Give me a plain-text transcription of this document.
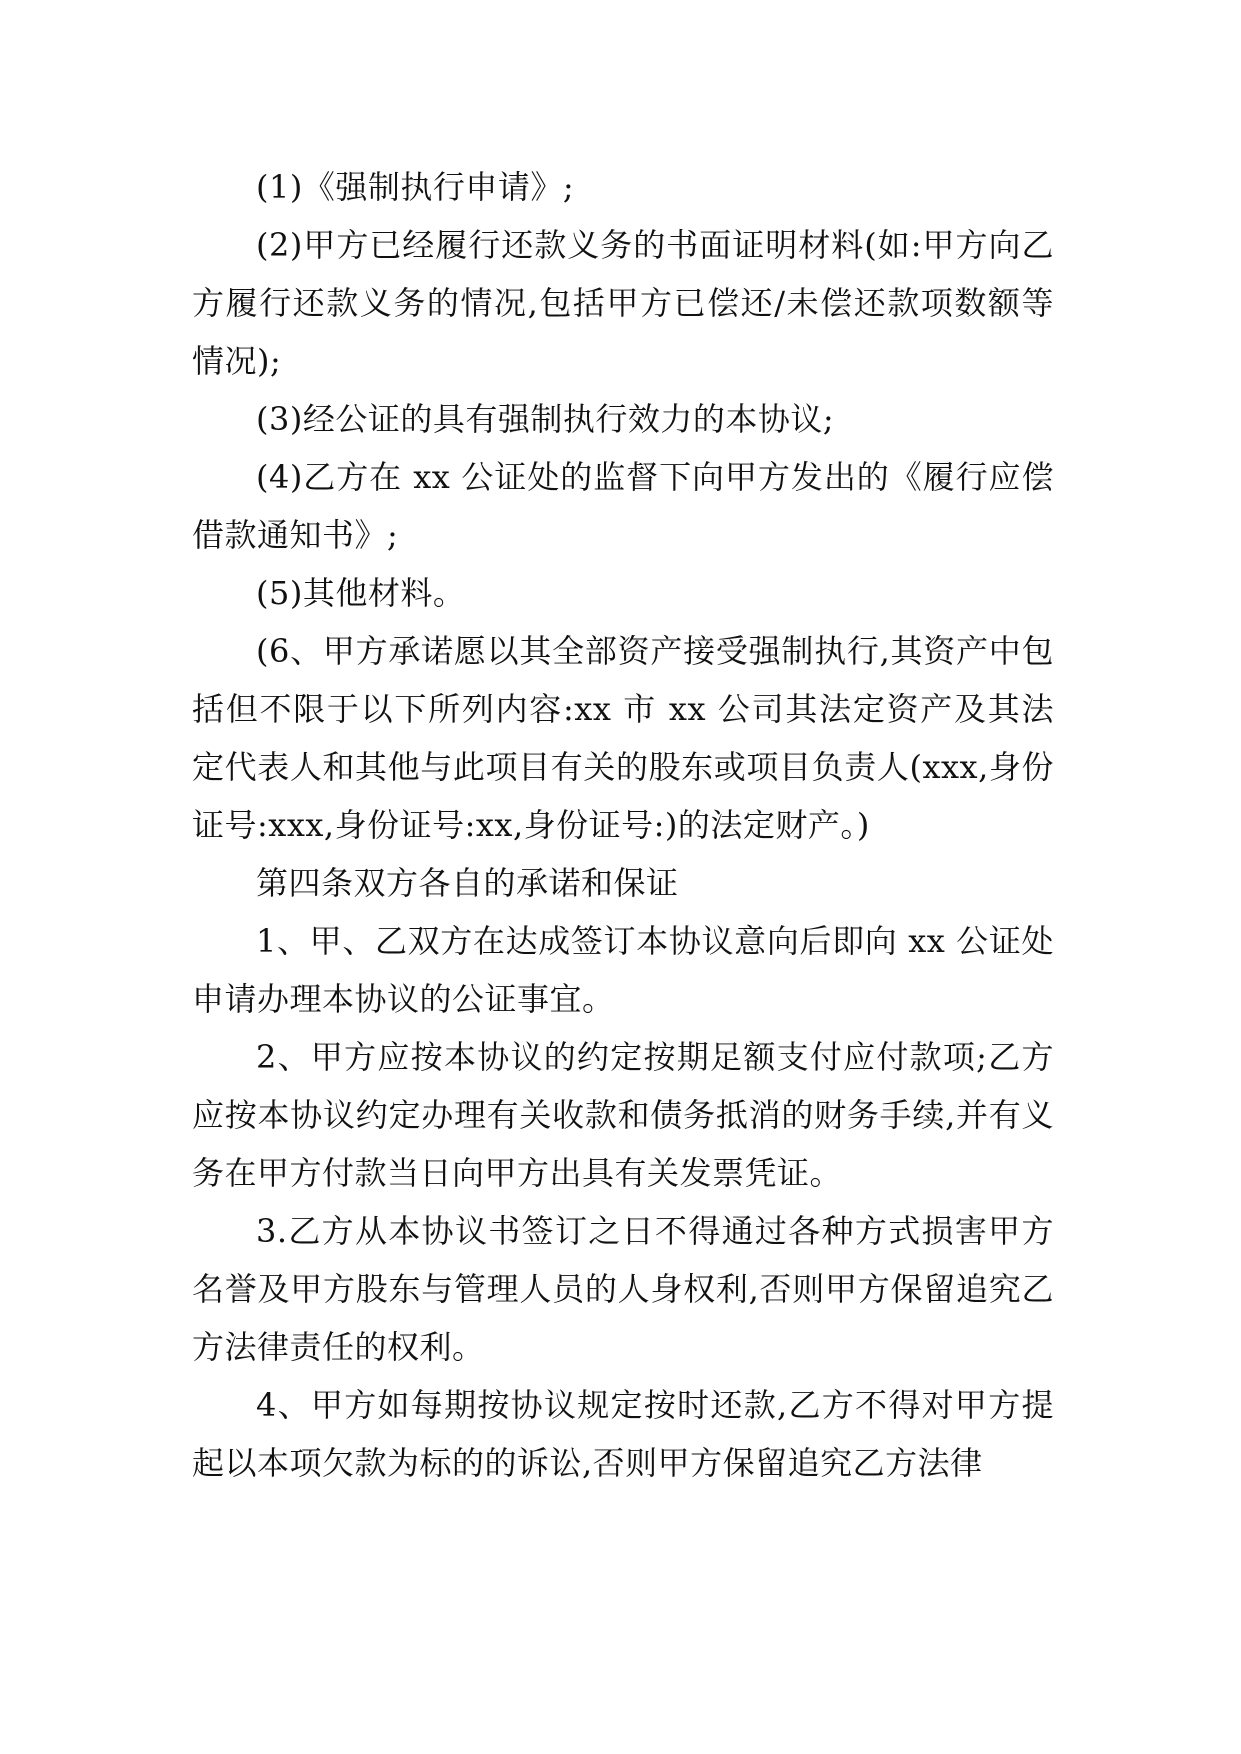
(1)《强制执行申请》;

(2)甲方已经履行还款义务的书面证明材料(如:甲方向乙方履行还款义务的情况,包括甲方已偿还/未偿还款项数额等情况);

(3)经公证的具有强制执行效力的本协议;

(4)乙方在 xx 公证处的监督下向甲方发出的《履行应偿借款通知书》;

(5)其他材料。

(6、甲方承诺愿以其全部资产接受强制执行,其资产中包括但不限于以下所列内容:xx 市 xx 公司其法定资产及其法定代表人和其他与此项目有关的股东或项目负责人(xxx,身份证号:xxx,身份证号:xx,身份证号:)的法定财产。)

第四条双方各自的承诺和保证

1、甲、乙双方在达成签订本协议意向后即向 xx 公证处申请办理本协议的公证事宜。

2、甲方应按本协议的约定按期足额支付应付款项;乙方应按本协议约定办理有关收款和债务抵消的财务手续,并有义务在甲方付款当日向甲方出具有关发票凭证。

3.乙方从本协议书签订之日不得通过各种方式损害甲方名誉及甲方股东与管理人员的人身权利,否则甲方保留追究乙方法律责任的权利。

4、甲方如每期按协议规定按时还款,乙方不得对甲方提起以本项欠款为标的的诉讼,否则甲方保留追究乙方法律
